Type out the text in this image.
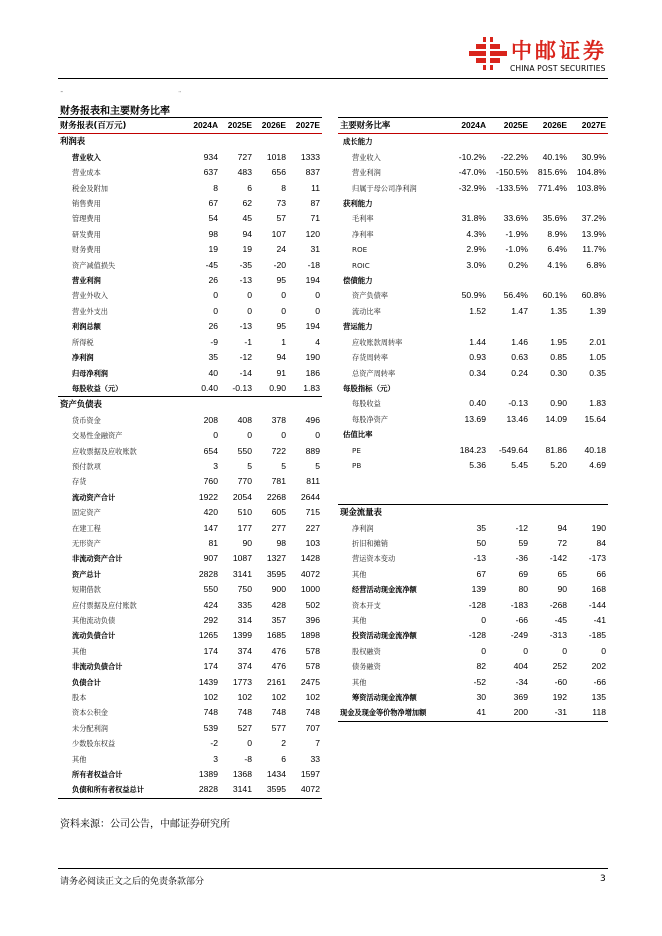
中邮证券
CHINA POST SECURITIES
¯	¨
财务报表和主要财务比率
财务报表(百万元)	2024A	2025E	2026E	2027E
利润表				
营业收入	934	727	1018	1333
营业成本	637	483	656	837
税金及附加	8	6	8	11
销售费用	67	62	73	87
管理费用	54	45	57	71
研发费用	98	94	107	120
财务费用	19	19	24	31
资产减值损失	-45	-35	-20	-18
营业利润	26	-13	95	194
营业外收入	0	0	0	0
营业外支出	0	0	0	0
利润总额	26	-13	95	194
所得税	-9	-1	1	4
净利润	35	-12	94	190
归母净利润	40	-14	91	186
每股收益（元）	0.40	-0.13	0.90	1.83
资产负债表				
货币资金	208	408	378	496
交易性金融资产	0	0	0	0
应收票据及应收账款	654	550	722	889
预付款项	3	5	5	5
存货	760	770	781	811
流动资产合计	1922	2054	2268	2644
固定资产	420	510	605	715
在建工程	147	177	277	227
无形资产	81	90	98	103
非流动资产合计	907	1087	1327	1428
资产总计	2828	3141	3595	4072
短期借款	550	750	900	1000
应付票据及应付账款	424	335	428	502
其他流动负债	292	314	357	396
流动负债合计	1265	1399	1685	1898
其他	174	374	476	578
非流动负债合计	174	374	476	578
负债合计	1439	1773	2161	2475
股本	102	102	102	102
资本公积金	748	748	748	748
未分配利润	539	527	577	707
少数股东权益	-2	0	2	7
其他	3	-8	6	33
所有者权益合计	1389	1368	1434	1597
负债和所有者权益总计	2828	3141	3595	4072
主要财务比率	2024A	2025E	2026E	2027E
成长能力				
营业收入	-10.2%	-22.2%	40.1%	30.9%
营业利润	-47.0%	-150.5%	815.6%	104.8%
归属于母公司净利润	-32.9%	-133.5%	771.4%	103.8%
获利能力				
毛利率	31.8%	33.6%	35.6%	37.2%
净利率	4.3%	-1.9%	8.9%	13.9%
ROE	2.9%	-1.0%	6.4%	11.7%
ROIC	3.0%	0.2%	4.1%	6.8%
偿债能力				
资产负债率	50.9%	56.4%	60.1%	60.8%
流动比率	1.52	1.47	1.35	1.39
营运能力				
应收账款周转率	1.44	1.46	1.95	2.01
存货周转率	0.93	0.63	0.85	1.05
总资产周转率	0.34	0.24	0.30	0.35
每股指标（元）				
每股收益	0.40	-0.13	0.90	1.83
每股净资产	13.69	13.46	14.09	15.64
估值比率				
PE	184.23	-549.64	81.86	40.18
PB	5.36	5.45	5.20	4.69

现金流量表				
净利润	35	-12	94	190
折旧和摊销	50	59	72	84
营运资本变动	-13	-36	-142	-173
其他	67	69	65	66
经营活动现金流净额	139	80	90	168
资本开支	-128	-183	-268	-144
其他	0	-66	-45	-41
投资活动现金流净额	-128	-249	-313	-185
股权融资	0	0	0	0
债务融资	82	404	252	202
其他	-52	-34	-60	-66
筹资活动现金流净额	30	369	192	135
现金及现金等价物净增加额	41	200	-31	118
资料来源：公司公告，中邮证券研究所
¯	¯
请务必阅读正文之后的免责条款部分	3
